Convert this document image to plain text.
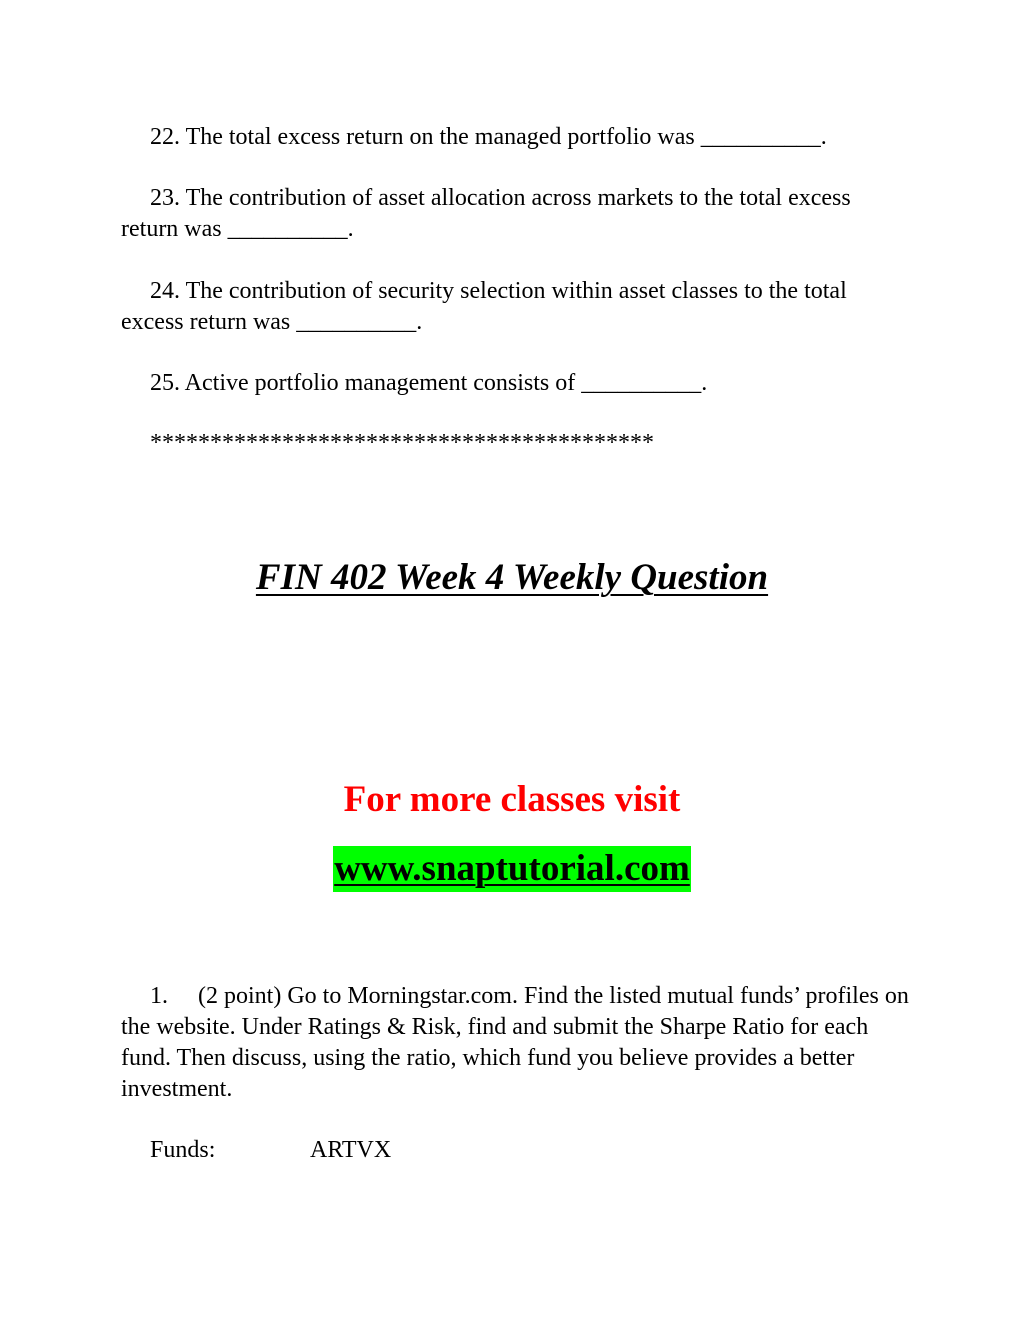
22. The total excess return on the managed portfolio was __________.
23. The contribution of asset allocation across markets to the total excess return was __________.
24. The contribution of security selection within asset classes to the total excess return was __________.
25. Active portfolio management consists of __________.
******************************************
FIN 402 Week 4 Weekly Question
For more classes visit
www.snaptutorial.com
1.     (2 point) Go to Morningstar.com. Find the listed mutual funds’ profiles on the website. Under Ratings & Risk, find and submit the Sharpe Ratio for each fund. Then discuss, using the ratio, which fund you believe provides a better investment.
Funds:	ARTVX
